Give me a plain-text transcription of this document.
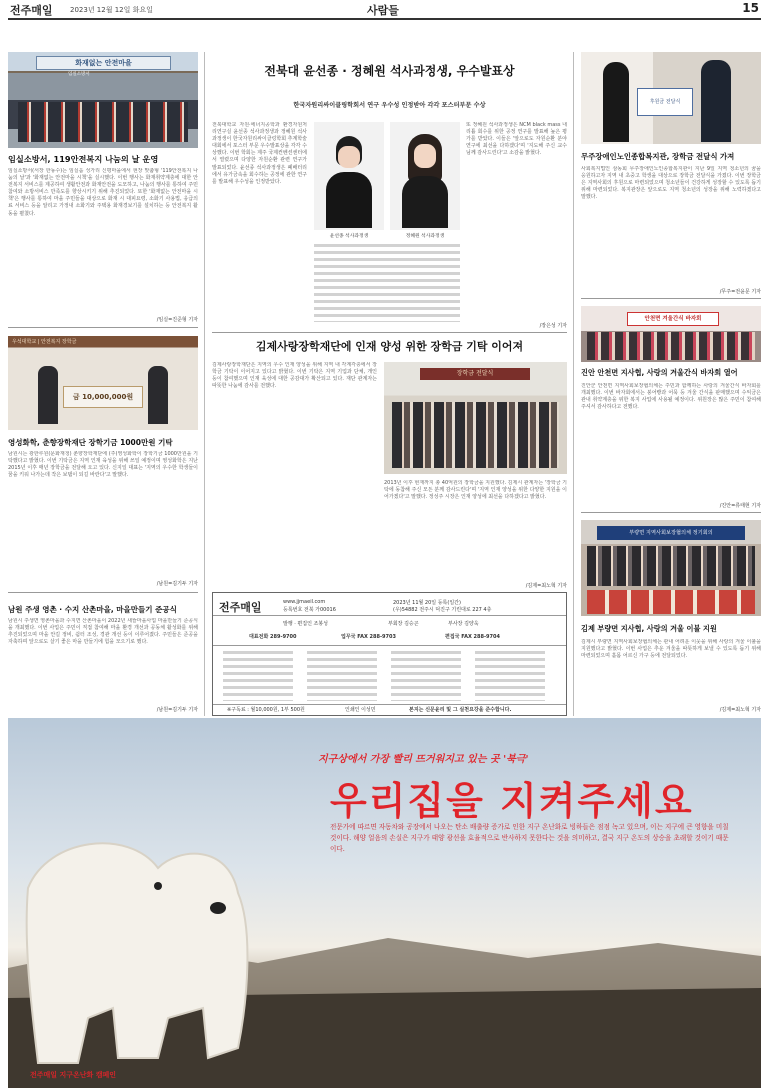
전주매일 2023년 12월 12일 화요일	사람들	15
화재없는 안전마을
임실소방서
임실소방서, 119안전복지 나눔의 날 운영
임실소방서(서장 한동수)는 임실읍 성가리 신평마을에서 현장 맞춤형 '119안전복지 나눔의 날'과 '화재없는 안전마을 시책'을 실시했다. 이번 행사는 화재취약계층에 대한 안전복지 서비스를 제공하여 생활안전과 화재안전을 도모하고, 나눔의 행사를 통하여 주민참여와 소방서비스 만족도를 향상시키기 위해 추진되었다. 또한 '화재없는 안전마을 시책'은 행사를 통하여 마을 주민들을 대상으로 화재 시 대피요령, 소화기 사용법, 응급의료 서비스 등을 알리고 가정내 소화기와 주택용 화재경보기를 설치하는 등 안전복지 활동을 펼쳤다.
/임실=진준형 기자
우석대학교 | 안전복지 장학금
금 10,000,000원
영성화학, 춘향장학재단 장학기금 1000만원 기탁
남원시는 광한루원(문화재청) 춘향장학재단에 (주)영성화학이 장학기금 1000만원을 기탁했다고 밝혔다. 이번 기탁금은 지역 인재 육성을 위해 쓰일 예정이며 영성화학은 지난 2015년 이후 매년 장학금을 전달해 오고 있다. 신지일 대표는 '지역의 우수한 학생들이 꿈을 키워 나가는데 작은 보탬이 되길 바란다'고 말했다.
/남원=김기두 기자
남원 주생 영촌 · 수지 산촌마을, 마을만들기 준공식
남원시 주생면 영촌마을과 수지면 산촌마을이 2022년 새뜰마을사업 마을만들기 준공식을 개최했다. 이번 사업은 주민이 직접 참여해 마을 환경 개선과 공동체 활성화를 위해 추진되었으며 마을 안길 정비, 쉼터 조성, 경관 개선 등이 이루어졌다. 주민들은 준공을 자축하며 앞으로도 살기 좋은 마을 만들기에 힘을 모으기로 했다.
/남원=김기두 기자
전북대 윤선종 · 정혜원 석사과정생, 우수발표상
한국자원리싸이클링학회서 연구 우수성 인정받아 각각 포스터부문 수상
전북대학교 자원·에너지공학과 환경자원처리연구실 윤선종 석사과정생과 정혜원 석사과정생이 한국자원리싸이클링학회 추계학술대회에서 포스터 부문 우수발표상을 각각 수상했다. 이번 학회는 제주 국제컨벤션센터에서 열렸으며 다양한 자원순환 관련 연구가 발표되었다. 윤선종 석사과정생은 폐배터리에서 유가금속을 회수하는 공정에 관한 연구를 발표해 우수성을 인정받았다.
윤선종 석사과정생	정혜원 석사과정생
또 정혜원 석사과정생은 NCM black mass 내 리튬 회수를 위한 공정 연구를 발표해 높은 평가를 받았다. 이들은 '앞으로도 자원순환 분야 연구에 최선을 다하겠다'며 '지도해 주신 교수님께 감사드린다'고 소감을 밝혔다.
/장은성 기자
김제사랑장학재단에 인재 양성 위한 장학금 기탁 이어져
김제사랑장학재단은 지역의 우수 인재 양성을 위해 지역 내 각계각층에서 장학금 기탁이 이어지고 있다고 밝혔다. 이번 기탁은 지역 기업과 단체, 개인 등이 참여했으며 인재 육성에 대한 공감대가 확산되고 있다. 재단 관계자는 따뜻한 나눔에 감사를 전했다.
장학금 전달식
2013년 이후 현재까지 총 40억원의 장학금을 지원했다. 김제시 관계자는 '장학금 기탁에 동참해 주신 모든 분께 감사드린다'며 '지역 인재 양성을 위한 다양한 지원을 이어가겠다'고 말했다. 정성주 시장은 인재 양성에 최선을 다하겠다고 밝혔다.
/김제=최노혁 기자
전주매일	www.jjmaeil.com
등록번호 전북 가00016
2023년 11월 20일 등록(일간)
(우)54882 전주시 덕진구 기린대로 227 4층
발행 · 편집인 조봉성	부회장 김승곤	부사장 김양욱
대표전화 289-9700	업무국 FAX 288-9703	편집국 FAX 288-9704
※구독료 : 월10,000원, 1부 500원	인쇄인 이성민	본지는 신문윤리 및 그 실천요강을 준수합니다.
후원금 전달식
무주장애인노인종합복지관, 장학금 전달식 가져
사회복지법인 삼동회 무주장애인노인종합복지관이 지난 9일 지역 청소년의 꿈을 응원하고자 지역 내 초중고 학생을 대상으로 장학금 전달식을 가졌다. 이번 장학금은 지역사회의 후원으로 마련되었으며 청소년들이 건강하게 성장할 수 있도록 돕기 위해 마련되었다. 복지관장은 앞으로도 지역 청소년의 성장을 위해 노력하겠다고 말했다.
/무주=전윤문 기자
안천면 겨울간식 바자회
진안 안천면 지사협, 사랑의 겨울간식 바자회 열어
진안군 안천면 지역사회보장협의체는 주민과 함께하는 사랑의 겨울간식 바자회를 개최했다. 이번 바자회에서는 붕어빵과 어묵 등 겨울 간식을 판매했으며 수익금은 관내 취약계층을 위한 복지 사업에 사용될 예정이다. 위원장은 많은 주민이 참여해 주셔서 감사하다고 전했다.
/진안=류태현 기자
부량면 지역사회보장협의체 정기회의
김제 부량면 지사협, 사랑의 겨울 이불 지원
김제시 부량면 지역사회보장협의체는 관내 어려운 이웃을 위해 사랑의 겨울 이불을 지원했다고 밝혔다. 이번 사업은 추운 겨울을 따뜻하게 보낼 수 있도록 돕기 위해 마련되었으며 홀몸 어르신 가구 등에 전달되었다.
/김제=최노혁 기자
지구상에서 가장 빨리 뜨거워지고 있는 곳 '북극'
우리집을 지켜주세요
전문가에 따르면 자동차와 공장에서 나오는 탄소 배출량 증가로 인한 지구 온난화로 빙하들은 점점 녹고 있으며, 이는 지구에 큰 영향을 미칠 것이다. 해양 얼음의 손실은 지구가 태양 광선을 효율적으로 반사하지 못한다는 것을 의미하고, 결국 지구 온도의 상승을 초래할 것이기 때문이다.
전주매일 지구온난화 캠페인
